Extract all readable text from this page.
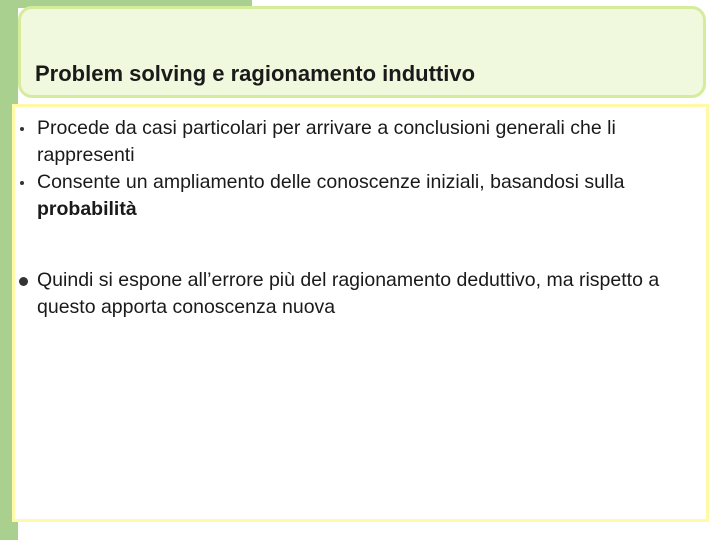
Problem solving e ragionamento induttivo
Procede da casi particolari per arrivare a conclusioni generali che li rappresenti
Consente un ampliamento delle conoscenze iniziali, basandosi sulla probabilità
Quindi si espone all’errore più del ragionamento deduttivo, ma rispetto a questo apporta conoscenza nuova
